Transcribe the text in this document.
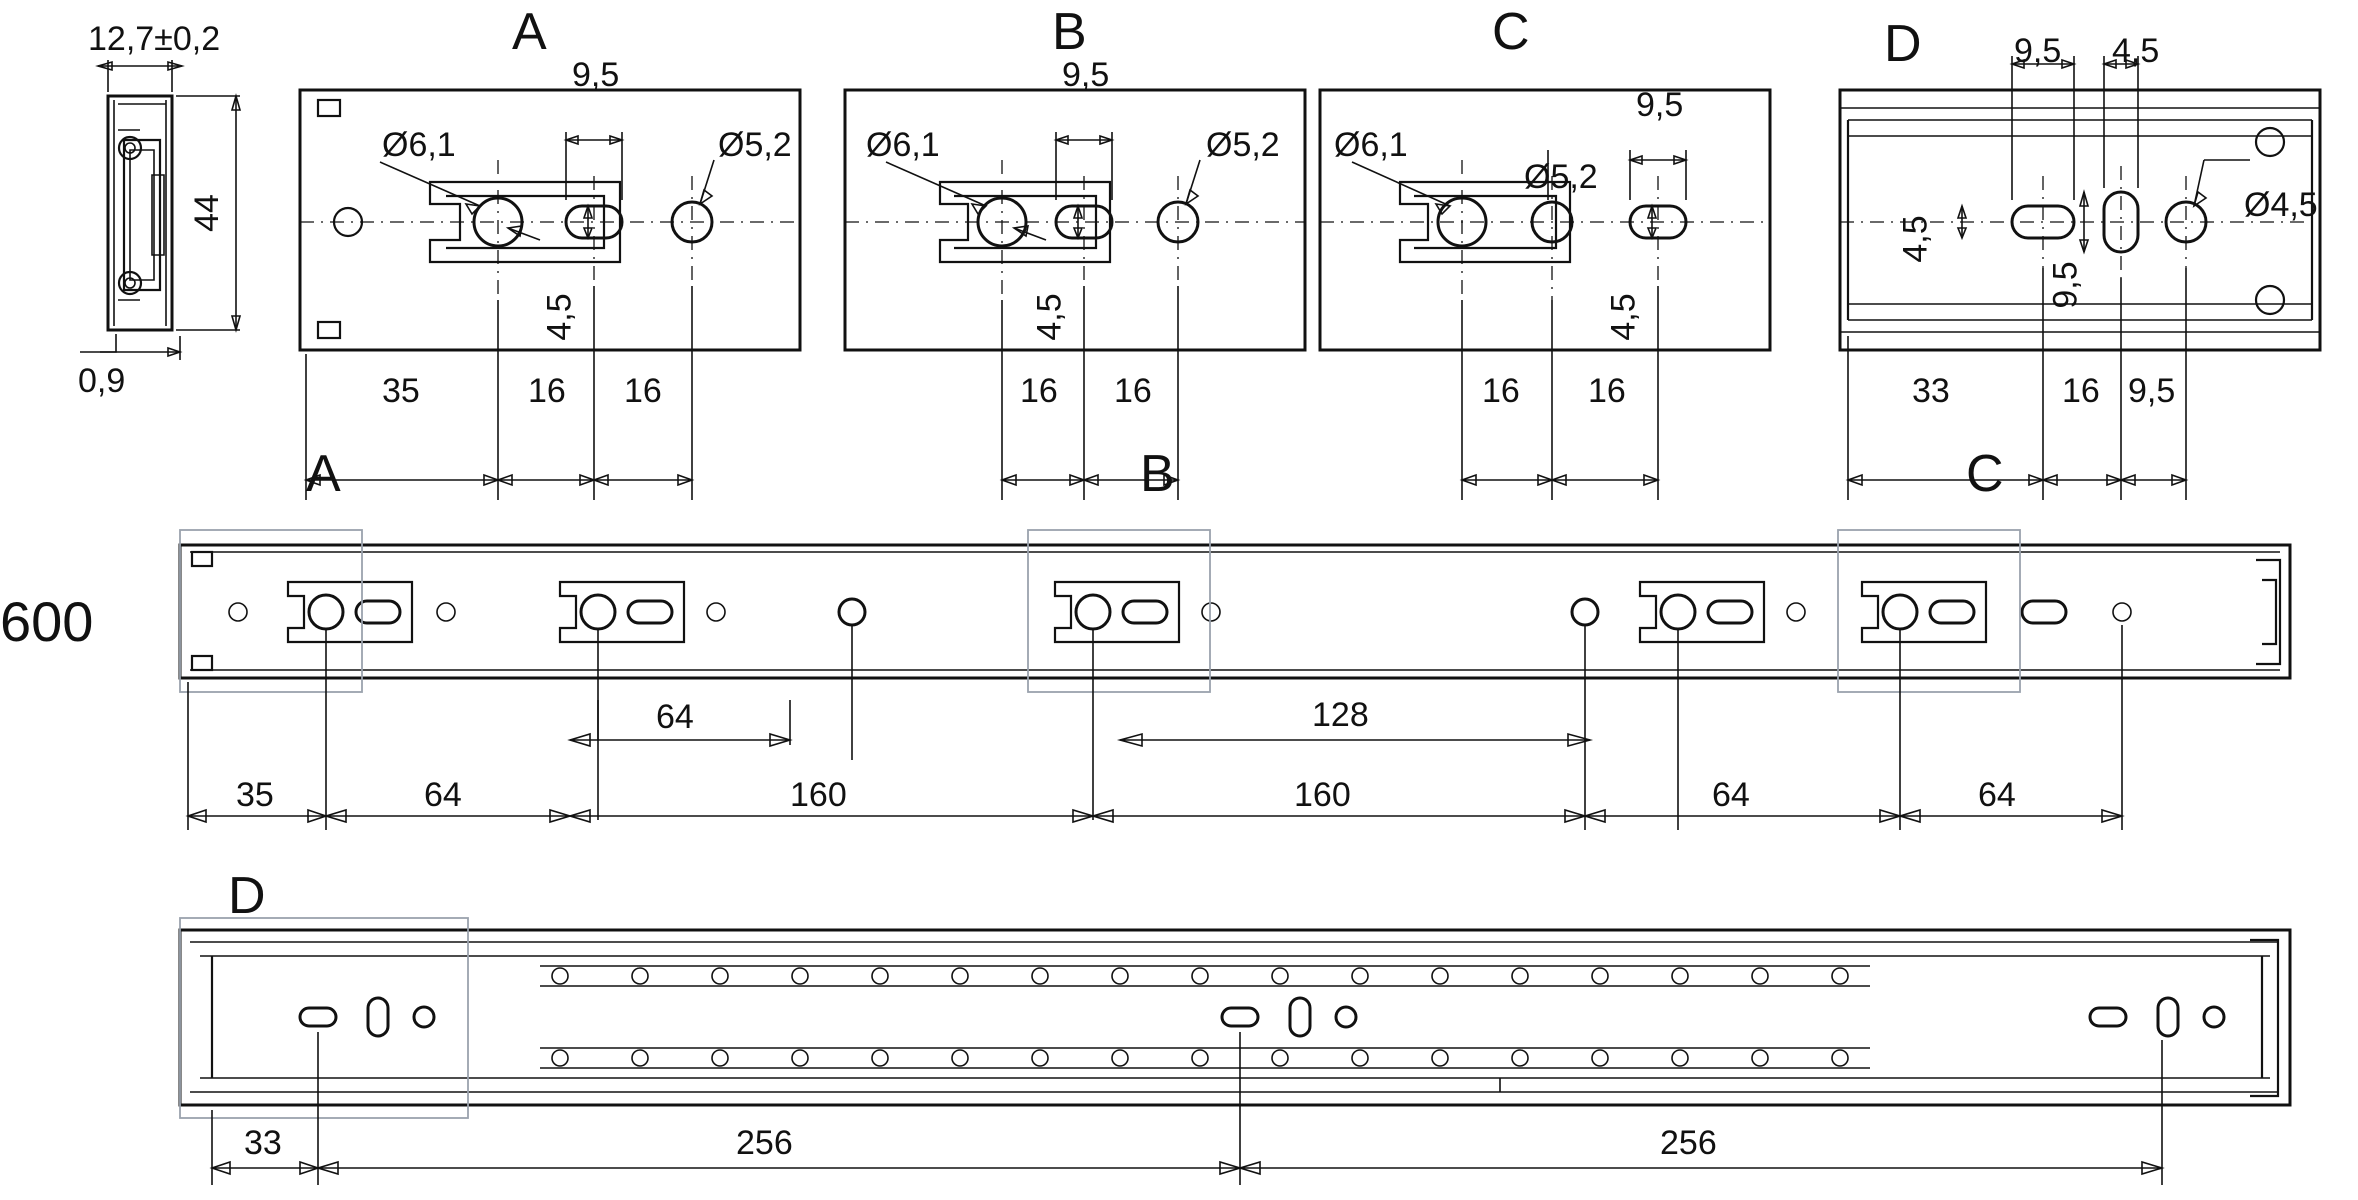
12,7±0,2
44
0,9
A	B	C	D
Ø6,1	Ø5,2
9,5
4,5
35	16 16
Ø6,1	Ø5,2
9,5
4,5
16 16
Ø6,1
Ø5,2
9,5
4,5
16 16
9,5 4,5
4,5
9,5
Ø4,5
33	16 9,5
A	B	C
600
64	128
35	64	160	160	64	64
D
33	256	256
